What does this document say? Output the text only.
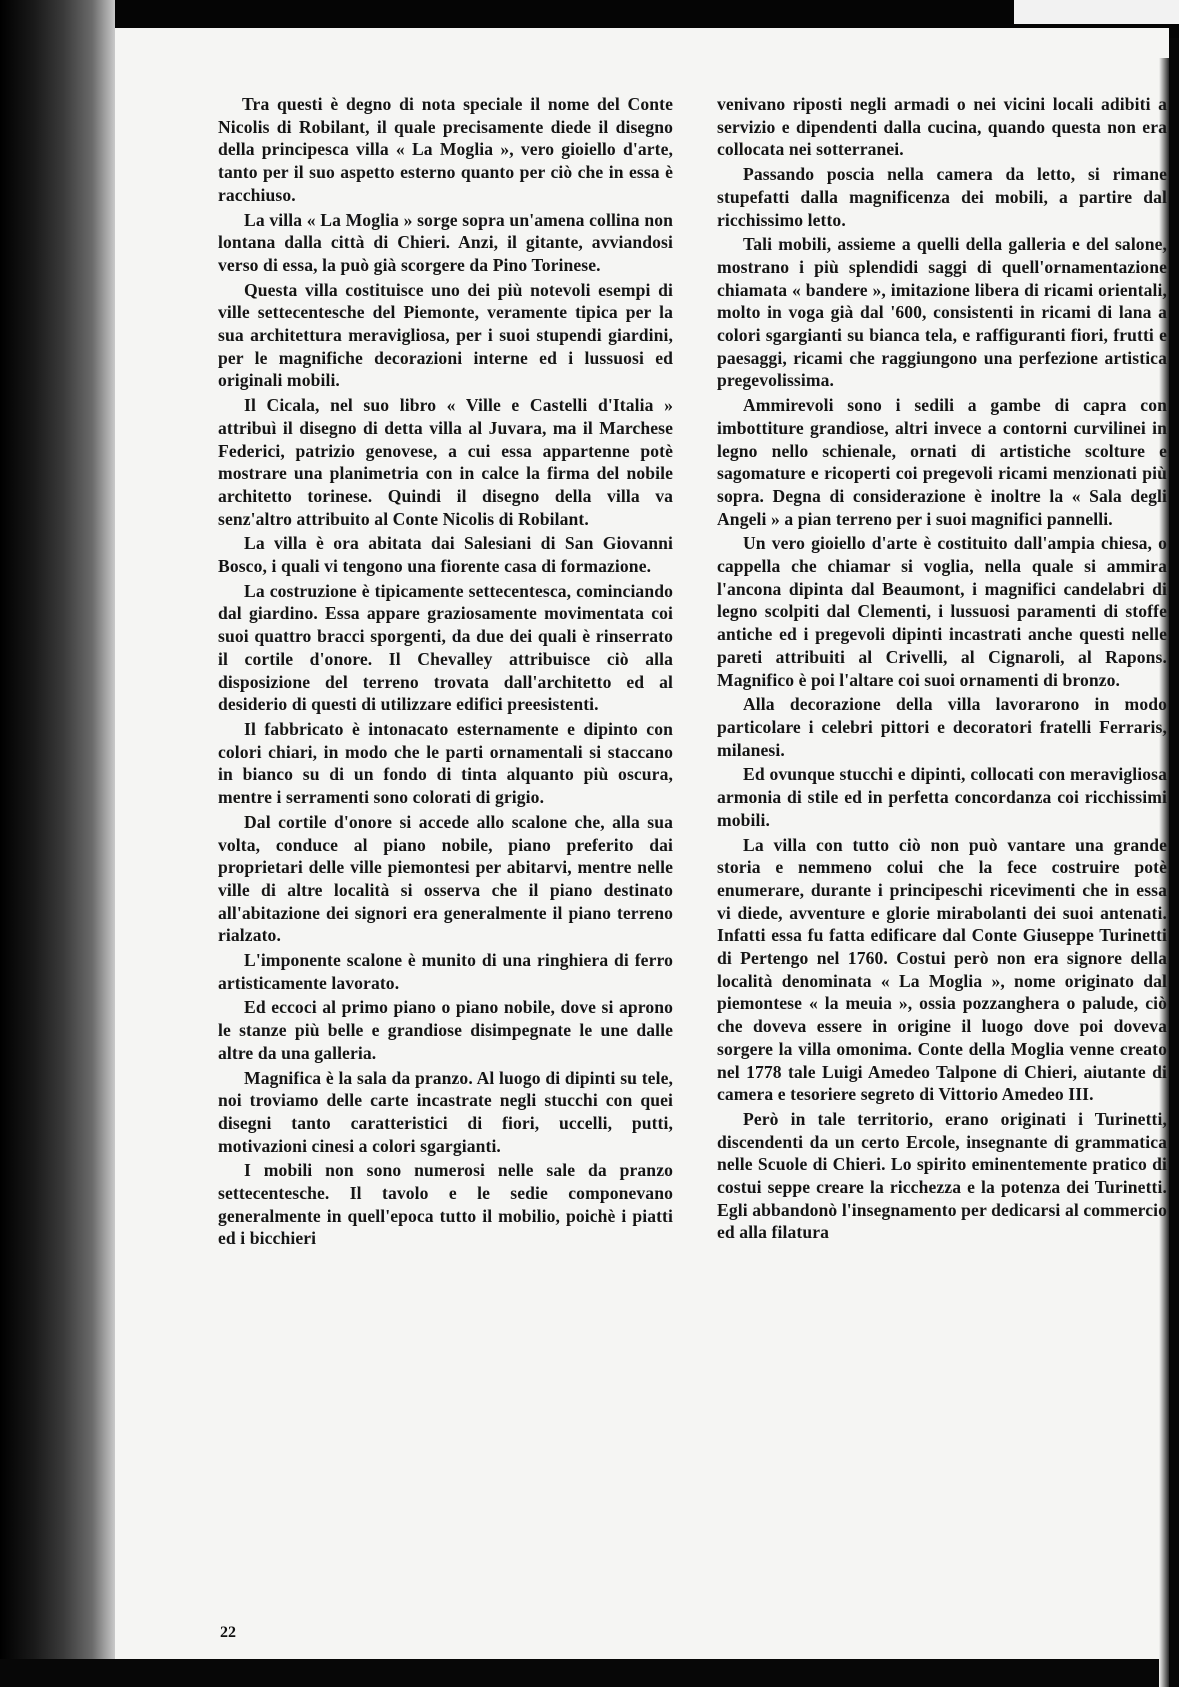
Tra questi è degno di nota speciale il nome del Conte Nicolis di Robilant, il quale precisamente diede il disegno della principesca villa « La Moglia », vero gioiello d'arte, tanto per il suo aspetto esterno quanto per ciò che in essa è racchiuso.

La villa « La Moglia » sorge sopra un'amena collina non lontana dalla città di Chieri. Anzi, il gitante, avviandosi verso di essa, la può già scorgere da Pino Torinese.

Questa villa costituisce uno dei più notevoli esempi di ville settecentesche del Piemonte, veramente tipica per la sua architettura meravigliosa, per i suoi stupendi giardini, per le magnifiche decorazioni interne ed i lussuosi ed originali mobili.

Il Cicala, nel suo libro « Ville e Castelli d'Italia » attribuì il disegno di detta villa al Juvara, ma il Marchese Federici, patrizio genovese, a cui essa appartenne potè mostrare una planimetria con in calce la firma del nobile architetto torinese. Quindi il disegno della villa va senz'altro attribuito al Conte Nicolis di Robilant.

La villa è ora abitata dai Salesiani di San Giovanni Bosco, i quali vi tengono una fiorente casa di formazione.

La costruzione è tipicamente settecentesca, cominciando dal giardino. Essa appare graziosamente movimentata coi suoi quattro bracci sporgenti, da due dei quali è rinserrato il cortile d'onore. Il Chevalley attribuisce ciò alla disposizione del terreno trovata dall'architetto ed al desiderio di questi di utilizzare edifici preesistenti.

Il fabbricato è intonacato esternamente e dipinto con colori chiari, in modo che le parti ornamentali si staccano in bianco su di un fondo di tinta alquanto più oscura, mentre i serramenti sono colorati di grigio.

Dal cortile d'onore si accede allo scalone che, alla sua volta, conduce al piano nobile, piano preferito dai proprietari delle ville piemontesi per abitarvi, mentre nelle ville di altre località si osserva che il piano destinato all'abitazione dei signori era generalmente il piano terreno rialzato.

L'imponente scalone è munito di una ringhiera di ferro artisticamente lavorato.

Ed eccoci al primo piano o piano nobile, dove si aprono le stanze più belle e grandiose disimpegnate le une dalle altre da una galleria.

Magnifica è la sala da pranzo. Al luogo di dipinti su tele, noi troviamo delle carte incastrate negli stucchi con quei disegni tanto caratteristici di fiori, uccelli, putti, motivazioni cinesi a colori sgargianti.

I mobili non sono numerosi nelle sale da pranzo settecentesche. Il tavolo e le sedie componevano generalmente in quell'epoca tutto il mobilio, poichè i piatti ed i bicchieri

venivano riposti negli armadi o nei vicini locali adibiti a servizio e dipendenti dalla cucina, quando questa non era collocata nei sotterranei.

Passando poscia nella camera da letto, si rimane stupefatti dalla magnificenza dei mobili, a partire dal ricchissimo letto.

Tali mobili, assieme a quelli della galleria e del salone, mostrano i più splendidi saggi di quell'ornamentazione chiamata « bandere », imitazione libera di ricami orientali, molto in voga già dal '600, consistenti in ricami di lana a colori sgargianti su bianca tela, e raffiguranti fiori, frutti e paesaggi, ricami che raggiungono una perfezione artistica pregevolissima.

Ammirevoli sono i sedili a gambe di capra con imbottiture grandiose, altri invece a contorni curvilinei in legno nello schienale, ornati di artistiche scolture e sagomature e ricoperti coi pregevoli ricami menzionati più sopra. Degna di considerazione è inoltre la « Sala degli Angeli » a pian terreno per i suoi magnifici pannelli.

Un vero gioiello d'arte è costituito dall'ampia chiesa, o cappella che chiamar si voglia, nella quale si ammira l'ancona dipinta dal Beaumont, i magnifici candelabri di legno scolpiti dal Clementi, i lussuosi paramenti di stoffe antiche ed i pregevoli dipinti incastrati anche questi nelle pareti attribuiti al Crivelli, al Cignaroli, al Rapons. Magnifico è poi l'altare coi suoi ornamenti di bronzo.

Alla decorazione della villa lavorarono in modo particolare i celebri pittori e decoratori fratelli Ferraris, milanesi.

Ed ovunque stucchi e dipinti, collocati con meravigliosa armonia di stile ed in perfetta concordanza coi ricchissimi mobili.

La villa con tutto ciò non può vantare una grande storia e nemmeno colui che la fece costruire potè enumerare, durante i principeschi ricevimenti che in essa vi diede, avventure e glorie mirabolanti dei suoi antenati. Infatti essa fu fatta edificare dal Conte Giuseppe Turinetti di Pertengo nel 1760. Costui però non era signore della località denominata « La Moglia », nome originato dal piemontese « la meuia », ossia pozzanghera o palude, ciò che doveva essere in origine il luogo dove poi doveva sorgere la villa omonima. Conte della Moglia venne creato nel 1778 tale Luigi Amedeo Talpone di Chieri, aiutante di camera e tesoriere segreto di Vittorio Amedeo III.

Però in tale territorio, erano originati i Turinetti, discendenti da un certo Ercole, insegnante di grammatica nelle Scuole di Chieri. Lo spirito eminentemente pratico di costui seppe creare la ricchezza e la potenza dei Turinetti. Egli abbandonò l'insegnamento per dedicarsi al commercio ed alla filatura

22
